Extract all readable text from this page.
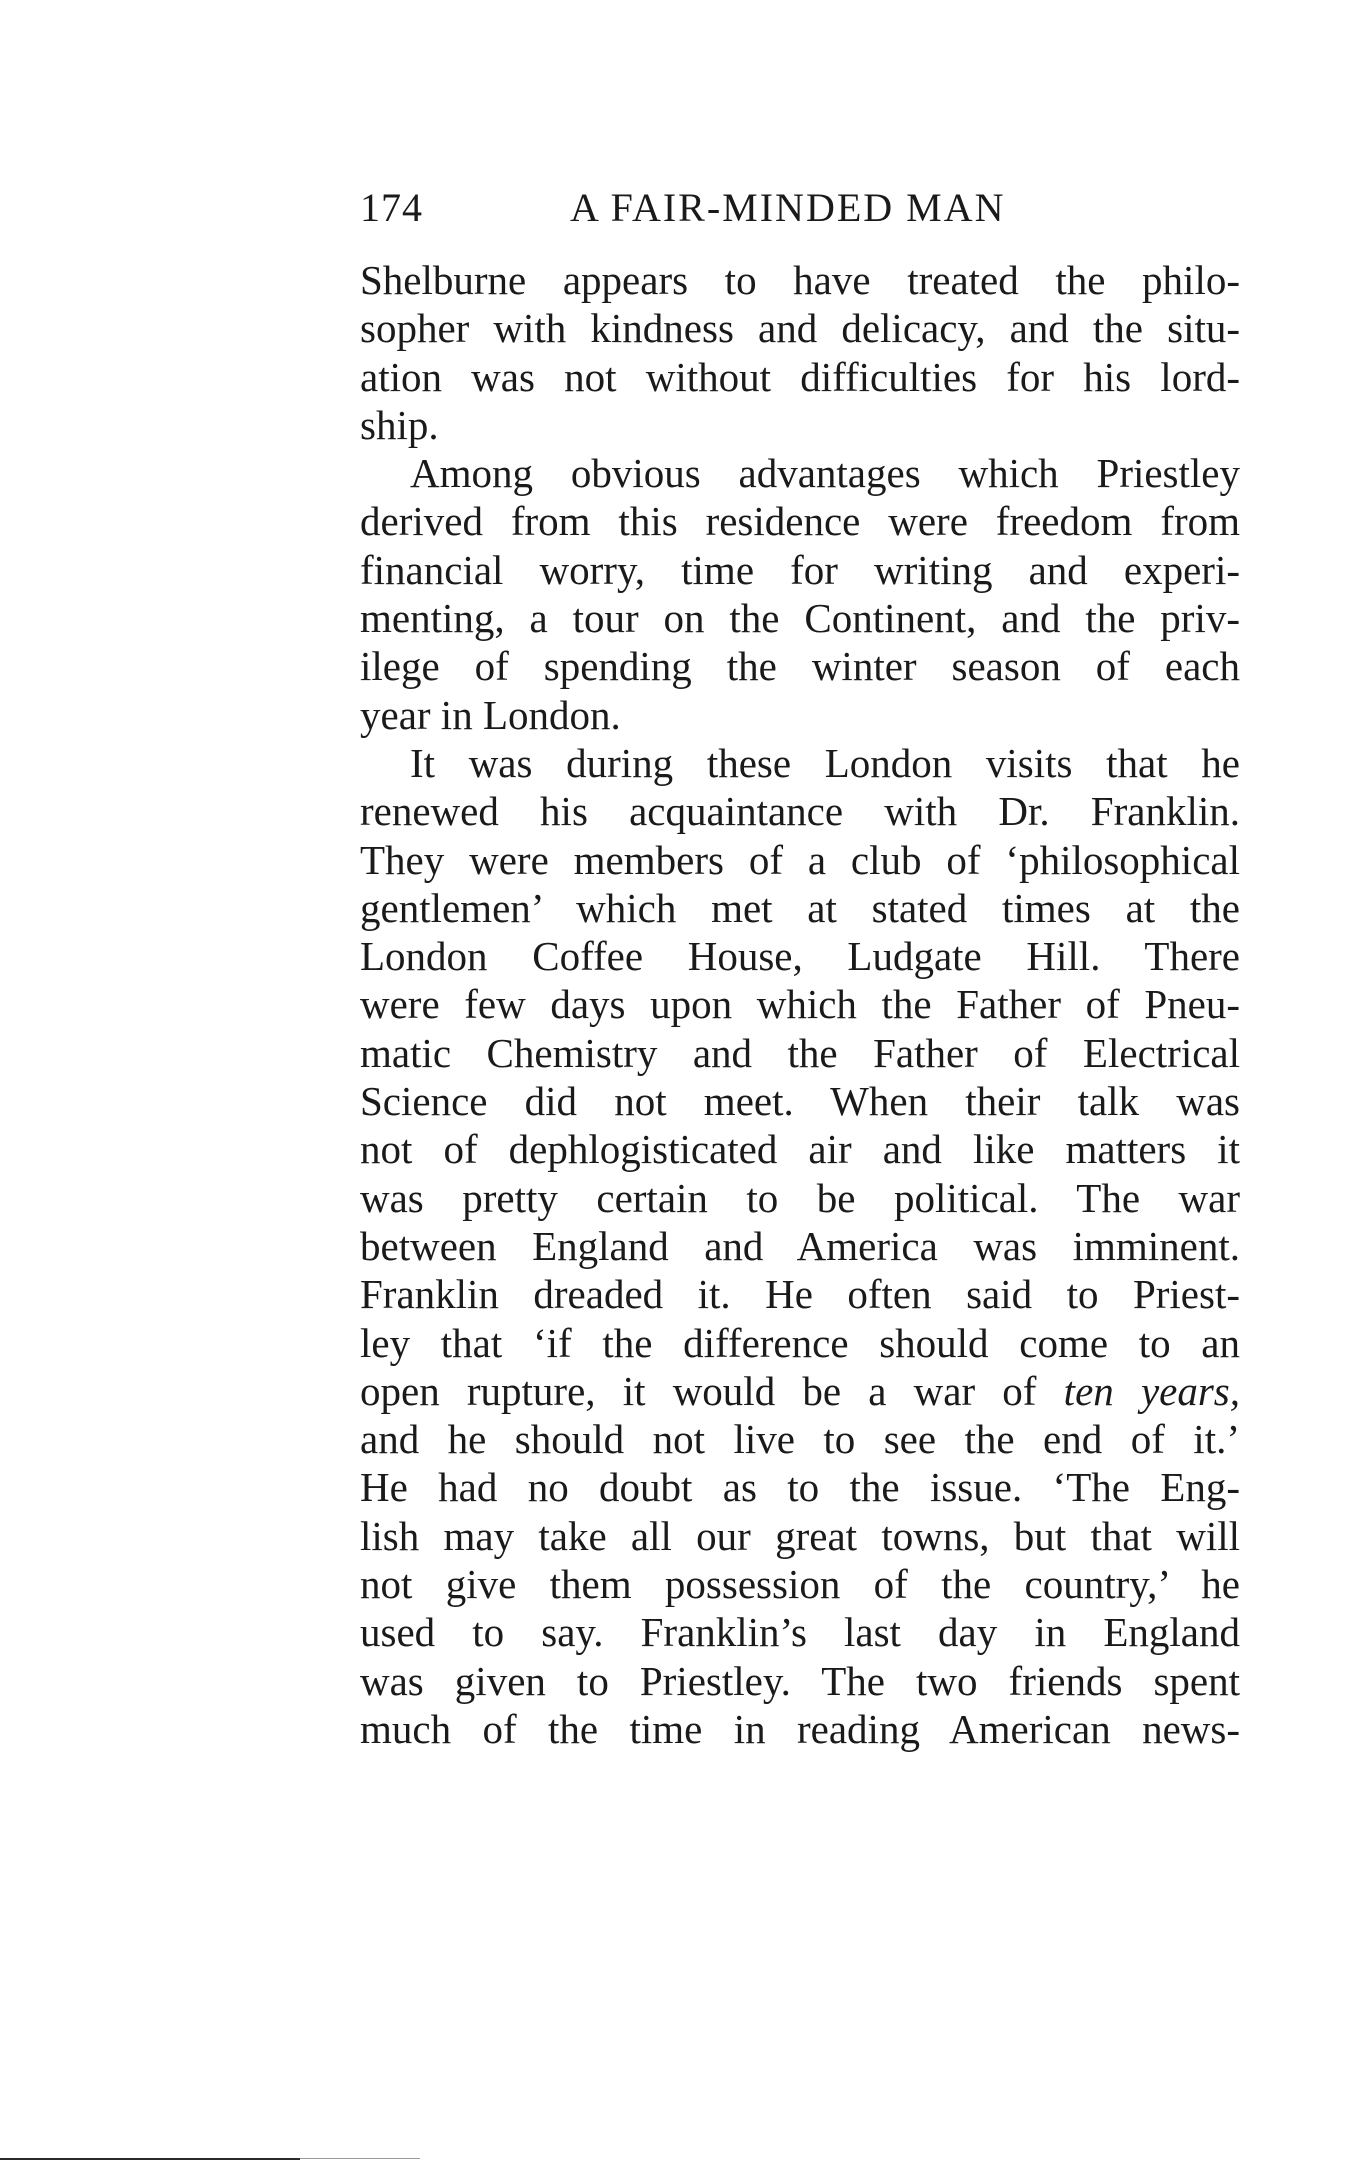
174	A FAIR-MINDED MAN
Shelburne appears to have treated the philo-
sopher with kindness and delicacy, and the situ-
ation was not without difficulties for his lord-
ship.
Among obvious advantages which Priestley
derived from this residence were freedom from
financial worry, time for writing and experi-
menting, a tour on the Continent, and the priv-
ilege of spending the winter season of each
year in London.
It was during these London visits that he
renewed his acquaintance with Dr. Franklin.
They were members of a club of ‘philosophical
gentlemen’ which met at stated times at the
London Coffee House, Ludgate Hill. There
were few days upon which the Father of Pneu-
matic Chemistry and the Father of Electrical
Science did not meet. When their talk was
not of dephlogisticated air and like matters it
was pretty certain to be political. The war
between England and America was imminent.
Franklin dreaded it. He often said to Priest-
ley that ‘if the difference should come to an
open rupture, it would be a war of ten years,
and he should not live to see the end of it.’
He had no doubt as to the issue. ‘The Eng-
lish may take all our great towns, but that will
not give them possession of the country,’ he
used to say. Franklin’s last day in England
was given to Priestley. The two friends spent
much of the time in reading American news-
